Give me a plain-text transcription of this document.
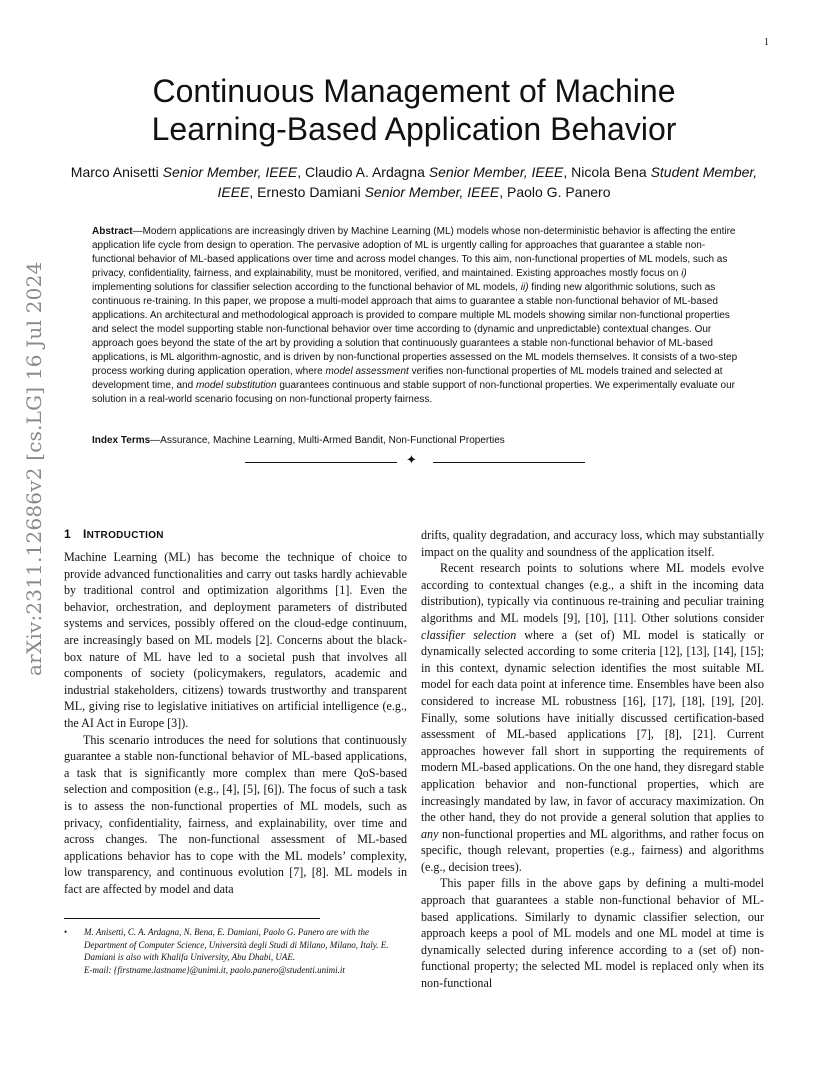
1
arXiv:2311.12686v2 [cs.LG] 16 Jul 2024
Continuous Management of Machine
Learning-Based Application Behavior
Marco Anisetti Senior Member, IEEE, Claudio A. Ardagna Senior Member, IEEE, Nicola Bena Student Member, IEEE, Ernesto Damiani Senior Member, IEEE, Paolo G. Panero
Abstract—Modern applications are increasingly driven by Machine Learning (ML) models whose non-deterministic behavior is affecting the entire application life cycle from design to operation. The pervasive adoption of ML is urgently calling for approaches that guarantee a stable non-functional behavior of ML-based applications over time and across model changes. To this aim, non-functional properties of ML models, such as privacy, confidentiality, fairness, and explainability, must be monitored, verified, and maintained. Existing approaches mostly focus on i) implementing solutions for classifier selection according to the functional behavior of ML models, ii) finding new algorithmic solutions, such as continuous re-training. In this paper, we propose a multi-model approach that aims to guarantee a stable non-functional behavior of ML-based applications. An architectural and methodological approach is provided to compare multiple ML models showing similar non-functional properties and select the model supporting stable non-functional behavior over time according to (dynamic and unpredictable) contextual changes. Our approach goes beyond the state of the art by providing a solution that continuously guarantees a stable non-functional behavior of ML-based applications, is ML algorithm-agnostic, and is driven by non-functional properties assessed on the ML models themselves. It consists of a two-step process working during application operation, where model assessment verifies non-functional properties of ML models trained and selected at development time, and model substitution guarantees continuous and stable support of non-functional properties. We experimentally evaluate our solution in a real-world scenario focusing on non-functional property fairness.
Index Terms—Assurance, Machine Learning, Multi-Armed Bandit, Non-Functional Properties
✦
1 INTRODUCTION

Machine Learning (ML) has become the technique of choice to provide advanced functionalities and carry out tasks hardly achievable by traditional control and optimization algorithms [1]. Even the behavior, orchestration, and deployment parameters of distributed systems and services, possibly offered on the cloud-edge continuum, are increasingly based on ML models [2]. Concerns about the black-box nature of ML have led to a societal push that involves all components of society (policymakers, regulators, academic and industrial stakeholders, citizens) towards trustworthy and transparent ML, giving rise to legislative initiatives on artificial intelligence (e.g., the AI Act in Europe [3]).

This scenario introduces the need for solutions that continuously guarantee a stable non-functional behavior of ML-based applications, a task that is significantly more complex than mere QoS-based selection and composition (e.g., [4], [5], [6]). The focus of such a task is to assess the non-functional properties of ML models, such as privacy, confidentiality, fairness, and explainability, over time and across changes. The non-functional assessment of ML-based applications behavior has to cope with the ML models’ complexity, low transparency, and continuous evolution [7], [8]. ML models in fact are affected by model and data

• M. Anisetti, C. A. Ardagna, N. Bena, E. Damiani, Paolo G. Panero are with the Department of Computer Science, Università degli Studi di Milano, Milano, Italy. E. Damiani is also with Khalifa University, Abu Dhabi, UAE.
E-mail: {firstname.lastname}@unimi.it, paolo.panero@studenti.unimi.it

drifts, quality degradation, and accuracy loss, which may substantially impact on the quality and soundness of the application itself.

Recent research points to solutions where ML models evolve according to contextual changes (e.g., a shift in the incoming data distribution), typically via continuous re-training and peculiar training algorithms and ML models [9], [10], [11]. Other solutions consider classifier selection where a (set of) ML model is statically or dynamically selected according to some criteria [12], [13], [14], [15]; in this context, dynamic selection identifies the most suitable ML model for each data point at inference time. Ensembles have been also considered to increase ML robustness [16], [17], [18], [19], [20]. Finally, some solutions have initially discussed certification-based assessment of ML-based applications [7], [8], [21]. Current approaches however fall short in supporting the requirements of modern ML-based applications. On the one hand, they disregard stable application behavior and non-functional properties, which are increasingly mandated by law, in favor of accuracy maximization. On the other hand, they do not provide a general solution that applies to any non-functional properties and ML algorithms, and rather focus on specific, though relevant, properties (e.g., fairness) and algorithms (e.g., decision trees).

This paper fills in the above gaps by defining a multi-model approach that guarantees a stable non-functional behavior of ML-based applications. Similarly to dynamic classifier selection, our approach keeps a pool of ML models and one ML model at time is dynamically selected during inference according to a (set of) non-functional property; the selected ML model is replaced only when its non-functional
